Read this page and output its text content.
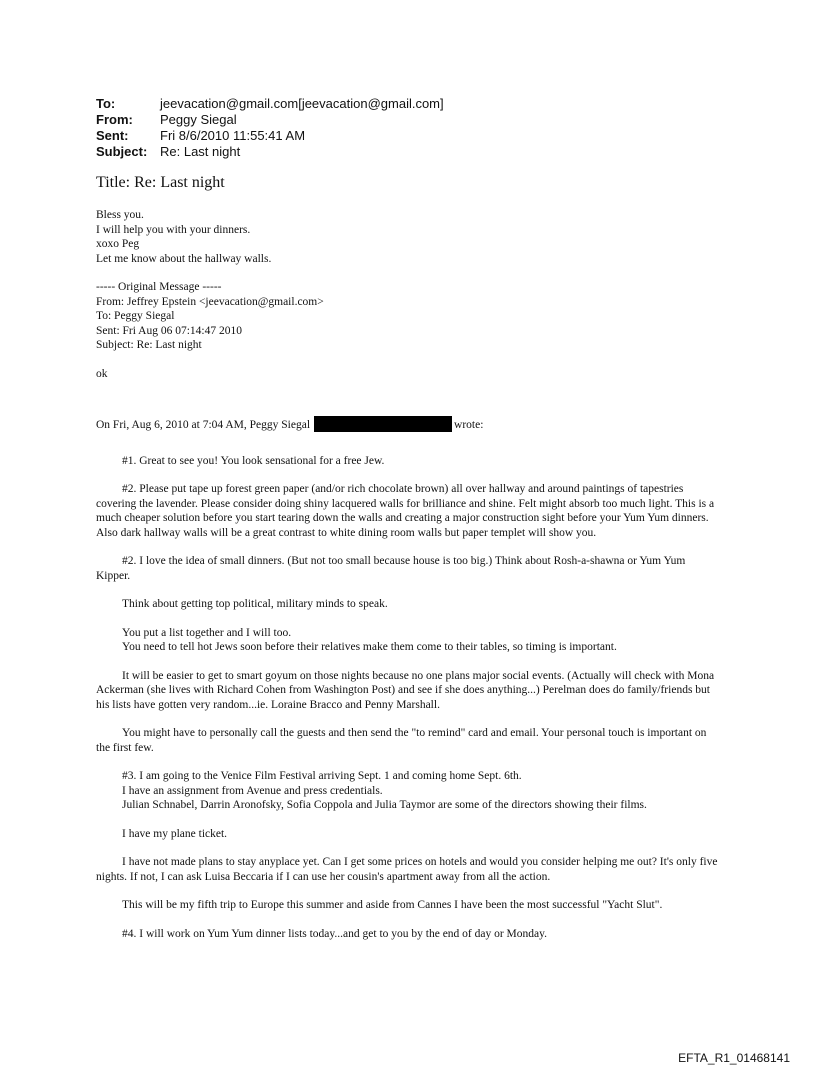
To:	jeevacation@gmail.com[jeevacation@gmail.com]
From:	Peggy Siegal
Sent:	Fri 8/6/2010 11:55:41 AM
Subject: Re: Last night
Title: Re: Last night

Bless you.

I will help you with your dinners.

xoxo Peg

Let me know about the hallway walls.

----- Original Message -----

From: Jeffrey Epstein <jeevacation@gmail.com>

To: Peggy Siegal

Sent: Fri Aug 06 07:14:47 2010

Subject: Re: Last night

ok

On Fri, Aug 6, 2010 at 7:04 AM, Peggy Siegal	wrote:

#1. Great to see you! You look sensational for a free Jew.

#2. Please put tape up forest green paper (and/or rich chocolate brown) all over hallway and around paintings of tapestries covering the lavender. Please consider doing shiny lacquered walls for brilliance and shine. Felt might absorb too much light. This is a much cheaper solution before you start tearing down the walls and creating a major construction sight before your Yum Yum dinners. Also dark hallway walls will be a great contrast to white dining room walls but paper templet will show you.

#2. I love the idea of small dinners. (But not too small because house is too big.) Think about Rosh-a-shawna or Yum Yum Kipper.

Think about getting top political, military minds to speak.

You put a list together and I will too.

You need to tell hot Jews soon before their relatives make them come to their tables, so timing is important.

It will be easier to get to smart goyum on those nights because no one plans major social events. (Actually will check with Mona Ackerman (she lives with Richard Cohen from Washington Post) and see if she does anything...) Perelman does do family/friends but his lists have gotten very random...ie. Loraine Bracco and Penny Marshall.

You might have to personally call the guests and then send the "to remind" card and email. Your personal touch is important on the first few.

#3. I am going to the Venice Film Festival arriving Sept. 1 and coming home Sept. 6th.

I have an assignment from Avenue and press credentials.

Julian Schnabel, Darrin Aronofsky, Sofia Coppola and Julia Taymor are some of the directors showing their films.

I have my plane ticket.

I have not made plans to stay anyplace yet. Can I get some prices on hotels and would you consider helping me out? It's only five nights. If not, I can ask Luisa Beccaria if I can use her cousin's apartment away from all the action.

This will be my fifth trip to Europe this summer and aside from Cannes I have been the most successful "Yacht Slut".

#4. I will work on Yum Yum dinner lists today...and get to you by the end of day or Monday.

EFTA_R1_01468141
